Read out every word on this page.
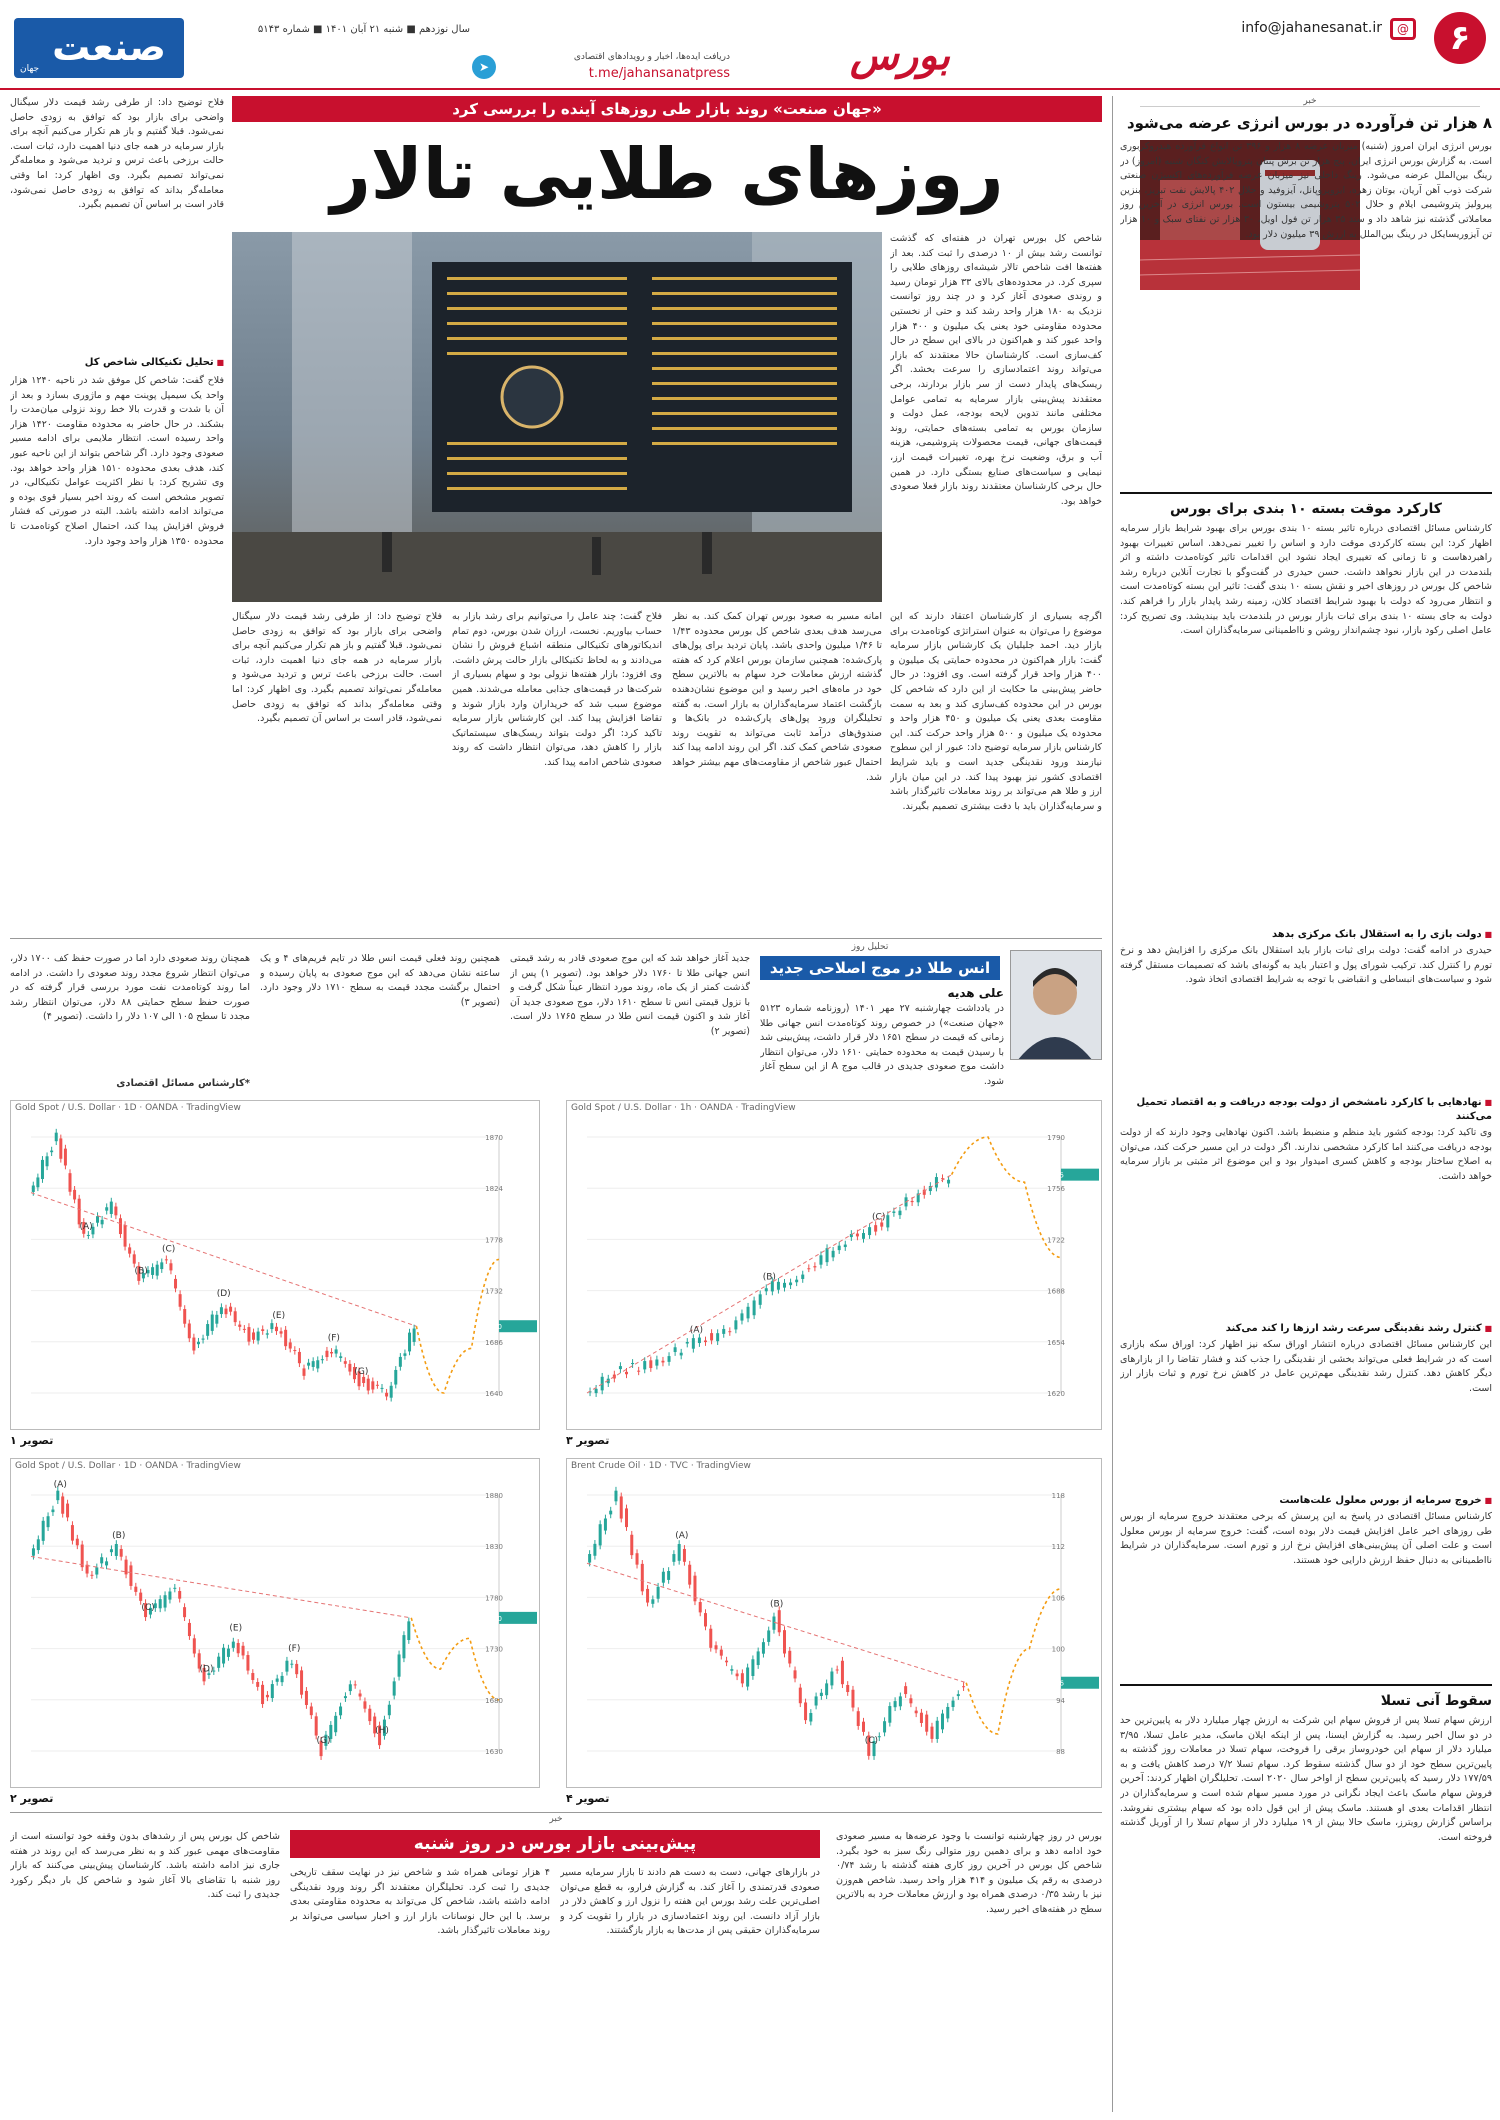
۶
@
info@jahanesanat.ir
بورس
➤
دریافت ایده‌ها، اخبار و رویدادهای اقتصادی
t.me/jahansanatpress
سال نوزدهم ■ شنبه ۲۱ آبان ۱۴۰۱ ■ شماره ۵۱۴۳
صنعت
جهان
«جهان صنعت» روند بازار طی روزهای آینده را بررسی کرد
روزهای طلایی تالار
شاخص کل بورس تهران در هفته‌ای که گذشت توانست رشد بیش از ۱۰ درصدی را ثبت کند. بعد از هفته‌ها افت شاخص تالار شیشه‌ای روزهای طلایی را سپری کرد. در محدوده‌های بالای ۳۳ هزار تومان رسید و روندی صعودی آغاز کرد و در چند روز توانست نزدیک به ۱۸۰ هزار واحد رشد کند و حتی از نخستین محدوده مقاومتی خود یعنی یک میلیون و ۴۰۰ هزار واحد عبور کند و هم‌اکنون در بالای این سطح در حال کف‌سازی است. کارشناسان حالا معتقدند که بازار می‌تواند روند اعتمادسازی را سرعت بخشد. اگر ریسک‌های پایدار دست از سر بازار بردارند، برخی معتقدند پیش‌بینی بازار سرمایه به تمامی عوامل مختلفی مانند تدوین لایحه بودجه، عمل دولت و سازمان بورس به تمامی بسته‌های حمایتی، روند قیمت‌های جهانی، قیمت محصولات پتروشیمی، هزینه آب و برق، وضعیت نرخ بهره، تغییرات قیمت ارز، نیمایی و سیاست‌های صنایع بستگی دارد. در همین حال برخی کارشناسان معتقدند روند بازار فعلا صعودی خواهد بود.
اگرچه بسیاری از کارشناسان اعتقاد دارند که این موضوع را می‌توان به عنوان استراتژی کوتاه‌مدت برای بازار دید. احمد جلیلیان یک کارشناس بازار سرمایه گفت: بازار هم‌اکنون در محدوده حمایتی یک میلیون و ۴۰۰ هزار واحد قرار گرفته است. وی افزود: در حال حاضر پیش‌بینی ما حکایت از این دارد که شاخص کل بورس در این محدوده کف‌سازی کند و بعد به سمت مقاومت بعدی یعنی یک میلیون و ۴۵۰ هزار واحد و محدوده یک میلیون و ۵۰۰ هزار واحد حرکت کند. این کارشناس بازار سرمایه توضیح داد: عبور از این سطوح نیازمند ورود نقدینگی جدید است و باید شرایط اقتصادی کشور نیز بهبود پیدا کند. در این میان بازار ارز و طلا هم می‌تواند بر روند معاملات تاثیرگذار باشد و سرمایه‌گذاران باید با دقت بیشتری تصمیم بگیرند.
امانه مسیر به صعود بورس تهران کمک کند. به نظر می‌رسد هدف بعدی شاخص کل بورس محدوده ۱/۴۳ تا ۱/۴۶ میلیون واحدی باشد. پایان تردید برای پول‌های پارک‌شده: همچنین سازمان بورس اعلام کرد که هفته گذشته ارزش معاملات خرد سهام به بالاترین سطح خود در ماه‌های اخیر رسید و این موضوع نشان‌دهنده بازگشت اعتماد سرمایه‌گذاران به بازار است. به گفته تحلیلگران ورود پول‌های پارک‌شده در بانک‌ها و صندوق‌های درآمد ثابت می‌تواند به تقویت روند صعودی شاخص کمک کند. اگر این روند ادامه پیدا کند احتمال عبور شاخص از مقاومت‌های مهم بیشتر خواهد شد.
فلاح گفت: چند عامل را می‌توانیم برای رشد بازار به حساب بیاوریم. نخست، ارزان شدن بورس، دوم تمام اندیکاتورهای تکنیکالی منطقه اشباع فروش را نشان می‌دادند و به لحاظ تکنیکالی بازار حالت پرش داشت. وی افزود: بازار هفته‌ها نزولی بود و سهام بسیاری از شرکت‌ها در قیمت‌های جذابی معامله می‌شدند. همین موضوع سبب شد که خریداران وارد بازار شوند و تقاضا افزایش پیدا کند. این کارشناس بازار سرمایه تاکید کرد: اگر دولت بتواند ریسک‌های سیستماتیک بازار را کاهش دهد، می‌توان انتظار داشت که روند صعودی شاخص ادامه پیدا کند.
فلاح توضیح داد: از طرفی رشد قیمت دلار سیگنال واضحی برای بازار بود که توافق به زودی حاصل نمی‌شود. قبلا گفتیم و باز هم تکرار می‌کنیم آنچه برای بازار سرمایه در همه جای دنیا اهمیت دارد، ثبات است. حالت برزخی باعث ترس و تردید می‌شود و معامله‌گر نمی‌تواند تصمیم بگیرد. وی اظهار کرد: اما وقتی معامله‌گر بداند که توافق به زودی حاصل نمی‌شود، قادر است بر اساس آن تصمیم بگیرد.
فلاح توضیح داد: از طرفی رشد قیمت دلار سیگنال واضحی برای بازار بود که توافق به زودی حاصل نمی‌شود. قبلا گفتیم و باز هم تکرار می‌کنیم آنچه برای بازار سرمایه در همه جای دنیا اهمیت دارد، ثبات است. حالت برزخی باعث ترس و تردید می‌شود و معامله‌گر نمی‌تواند تصمیم بگیرد. وی اظهار کرد: اما وقتی معامله‌گر بداند که توافق به زودی حاصل نمی‌شود، قادر است بر اساس آن تصمیم بگیرد.
■ تحلیل تکنیکالی شاخص کل
فلاح گفت: شاخص کل موفق شد در ناحیه ۱۲۴۰ هزار واحد یک سیمپل پوینت مهم و ماژوری بسازد و بعد از آن با شدت و قدرت بالا خط روند نزولی میان‌مدت را بشکند. در حال حاضر به محدوده مقاومت ۱۴۲۰ هزار واحد رسیده است. انتظار ملایمی برای ادامه مسیر صعودی وجود دارد. اگر شاخص بتواند از این ناحیه عبور کند، هدف بعدی محدوده ۱۵۱۰ هزار واحد خواهد بود. وی تشریح کرد: با نظر اکثریت عوامل تکنیکالی، در تصویر مشخص است که روند اخیر بسیار قوی بوده و می‌تواند ادامه داشته باشد. البته در صورتی که فشار فروش افزایش پیدا کند، احتمال اصلاح کوتاه‌مدت تا محدوده ۱۳۵۰ هزار واحد وجود دارد.
تحلیل روز
انس طلا در موج اصلاحی جدید
علی هدیه
در یادداشت چهارشنبه ۲۷ مهر ۱۴۰۱ (روزنامه شماره ۵۱۲۳ «جهان صنعت») در خصوص روند کوتاه‌مدت انس جهانی طلا زمانی که قیمت در سطح ۱۶۵۱ دلار قرار داشت، پیش‌بینی شد با رسیدن قیمت به محدوده حمایتی ۱۶۱۰ دلار، می‌توان انتظار داشت موج صعودی جدیدی در قالب موج A از این سطح آغاز شود.
جدید آغاز خواهد شد که این موج صعودی قادر به رشد قیمتی انس جهانی طلا تا ۱۷۶۰ دلار خواهد بود. (تصویر ۱) پس از گذشت کمتر از یک ماه، روند مورد انتظار عیناً شکل گرفت و با نزول قیمتی انس تا سطح ۱۶۱۰ دلار، موج صعودی جدید آن آغاز شد و اکنون قیمت انس طلا در سطح ۱۷۶۵ دلار است. (تصویر ۲)
همچنین روند فعلی قیمت انس طلا در تایم فریم‌های ۴ و یک ساعته نشان می‌دهد که این موج صعودی به پایان رسیده و احتمال برگشت مجدد قیمت به سطح ۱۷۱۰ دلار وجود دارد. (تصویر ۳)
همچنان روند صعودی دارد اما در صورت حفظ کف ۱۷۰۰ دلار، می‌توان انتظار شروع مجدد روند صعودی را داشت. در ادامه اما روند کوتاه‌مدت نفت مورد بررسی قرار گرفته که در صورت حفظ سطح حمایتی ۸۸ دلار، می‌توان انتظار رشد مجدد تا سطح ۱۰۵ الی ۱۰۷ دلار را داشت. (تصویر ۴)
*کارشناس مسائل اقتصادی
Gold Spot / U.S. Dollar · 1D · OANDA · TradingView
(A)
(B)
(C)
(D)
(E)
(F)
(G)
1870
1824
1778
1732
1686
1640
1700
تصویر ۱
Gold Spot / U.S. Dollar · 1h · OANDA · TradingView
(A)
(B)
(C)
1790
1756
1722
1688
1654
1620
1765
تصویر ۳
Gold Spot / U.S. Dollar · 1D · OANDA · TradingView
(A)
(B)
(C)
(D)
(E)
(F)
(G)
(H)
1880
1830
1780
1730
1680
1630
1760
تصویر ۲
Brent Crude Oil · 1D · TVC · TradingView
(A)
(B)
(C)
118
112
106
100
94
88
96
تصویر ۴
خبر
پیش‌بینی بازار بورس در روز شنبه	بورس در روز چهارشنبه توانست با وجود عرضه‌ها به مسیر صعودی خود ادامه دهد و برای دهمین روز متوالی رنگ سبز به خود بگیرد. شاخص کل بورس در آخرین روز کاری هفته گذشته با رشد ۰/۷۴ درصدی به رقم یک میلیون و ۴۱۴ هزار واحد رسید. شاخص هم‌وزن نیز با رشد ۰/۳۵ درصدی همراه بود و ارزش معاملات خرد به بالاترین سطح در هفته‌های اخیر رسید.
در بازارهای جهانی، دست به دست هم دادند تا بازار سرمایه مسیر صعودی قدرتمندی را آغاز کند. به گزارش فرارو، به قطع می‌توان اصلی‌ترین علت رشد بورس این هفته را نزول ارز و کاهش دلار در بازار آزاد دانست. این روند اعتمادسازی در بازار را تقویت کرد و سرمایه‌گذاران حقیقی پس از مدت‌ها به بازار بازگشتند.
۴ هزار تومانی همراه شد و شاخص نیز در نهایت سقف تاریخی جدیدی را ثبت کرد. تحلیلگران معتقدند اگر روند ورود نقدینگی ادامه داشته باشد، شاخص کل می‌تواند به محدوده مقاومتی بعدی برسد. با این حال نوسانات بازار ارز و اخبار سیاسی می‌تواند بر روند معاملات تاثیرگذار باشد.
شاخص کل بورس پس از رشدهای بدون وقفه خود توانسته است از مقاومت‌های مهمی عبور کند و به نظر می‌رسد که این روند در هفته جاری نیز ادامه داشته باشد. کارشناسان پیش‌بینی می‌کنند که بازار روز شنبه با تقاضای بالا آغاز شود و شاخص کل بار دیگر رکورد جدیدی را ثبت کند.
خبر
۸ هزار تن فرآورده در بورس انرژی عرضه می‌شود
بورس انرژی ایران امروز (شنبه) میزبان عرضه ۸ هزار و ۳۹۶ تن انواع فرآورده هیدروکربوری است. به گزارش بورس انرژی ایران، پنج هزار تن برش پنتان پتروپالایش کنگان شنبه (امروز) در رینگ بین‌الملل عرضه می‌شود. رینگ داخلی نیز میزبان عرضه فرآورده‌های اکسیژن صنعتی شرکت ذوب آهن آریان، بوتان زهره، ایزوپروپانل، آیزوفید و حلال ۴۰۲ پالایش نفت تبریز، بنزین پیرولیز پتروشیمی ایلام و حلال ۵۰۲ پتروشیمی بیستون است. بورس انرژی در آخرین روز معاملاتی گذشته نیز شاهد داد و ستد ۳۵ هزار تن فول اویل، ۳۰ هزار تن نفتای سبک و ۱۰ هزار تن آیزوریسایکل در رینگ بین‌الملل به ارزش ۳۹ میلیون دلار بود.
کارکرد موقت بسته ۱۰ بندی برای بورس
کارشناس مسائل اقتصادی درباره تاثیر بسته ۱۰ بندی بورس برای بهبود شرایط بازار سرمایه اظهار کرد: این بسته کارکردی موقت دارد و اساس را تغییر نمی‌دهد. اساس تغییرات بهبود راهبردهاست و تا زمانی که تغییری ایجاد نشود این اقدامات تاثیر کوتاه‌مدت داشته و اثر بلندمدت در این بازار نخواهد داشت. حسن حیدری در گفت‌وگو با تجارت آنلاین درباره رشد شاخص کل بورس در روزهای اخیر و نقش بسته ۱۰ بندی گفت: تاثیر این بسته کوتاه‌مدت است و انتظار می‌رود که دولت با بهبود شرایط اقتصاد کلان، زمینه رشد پایدار بازار را فراهم کند. دولت به جای بسته ۱۰ بندی برای ثبات بازار بورس در بلندمدت باید بیندیشد. وی تصریح کرد: عامل اصلی رکود بازار، نبود چشم‌انداز روشن و نااطمینانی سرمایه‌گذاران است.
■ دولت بازی را به استقلال بانک مرکزی بدهد
حیدری در ادامه گفت: دولت برای ثبات بازار باید استقلال بانک مرکزی را افزایش دهد و نرخ تورم را کنترل کند. ترکیب شورای پول و اعتبار باید به گونه‌ای باشد که تصمیمات مستقل گرفته شود و سیاست‌های انبساطی و انقباضی با توجه به شرایط اقتصادی اتخاذ شود.
■ نهادهایی با کارکرد نامشخص از دولت بودجه دریافت و به اقتصاد تحمیل می‌کنند
وی تاکید کرد: بودجه کشور باید منظم و منضبط باشد. اکنون نهادهایی وجود دارند که از دولت بودجه دریافت می‌کنند اما کارکرد مشخصی ندارند. اگر دولت در این مسیر حرکت کند، می‌توان به اصلاح ساختار بودجه و کاهش کسری امیدوار بود و این موضوع اثر مثبتی بر بازار سرمایه خواهد داشت.
■ کنترل رشد نقدینگی سرعت رشد ارزها را کند می‌کند
این کارشناس مسائل اقتصادی درباره انتشار اوراق سکه نیز اظهار کرد: اوراق سکه بازاری است که در شرایط فعلی می‌تواند بخشی از نقدینگی را جذب کند و فشار تقاضا را از بازارهای دیگر کاهش دهد. کنترل رشد نقدینگی مهم‌ترین عامل در کاهش نرخ تورم و ثبات بازار ارز است.
■ خروج سرمایه از بورس معلول علت‌هاست
کارشناس مسائل اقتصادی در پاسخ به این پرسش که برخی معتقدند خروج سرمایه از بورس طی روزهای اخیر عامل افزایش قیمت دلار بوده است، گفت: خروج سرمایه از بورس معلول است و علت اصلی آن پیش‌بینی‌های افزایش نرخ ارز و تورم است. سرمایه‌گذاران در شرایط نااطمینانی به دنبال حفظ ارزش دارایی خود هستند.
سقوط آنی تسلا
ارزش سهام تسلا پس از فروش سهام این شرکت به ارزش چهار میلیارد دلار به پایین‌ترین حد در دو سال اخیر رسید. به گزارش ایسنا، پس از اینکه ایلان ماسک، مدیر عامل تسلا، ۳/۹۵ میلیارد دلار از سهام این خودروساز برقی را فروخت، سهام تسلا در معاملات روز گذشته به پایین‌ترین سطح خود از دو سال گذشته سقوط کرد. سهام تسلا ۷/۲ درصد کاهش یافت و به ۱۷۷/۵۹ دلار رسید که پایین‌ترین سطح از اواخر سال ۲۰۲۰ است. تحلیلگران اظهار کردند: آخرین فروش سهام ماسک باعث ایجاد نگرانی در مورد مسیر سهام شده است و سرمایه‌گذاران در انتظار اقدامات بعدی او هستند. ماسک پیش از این قول داده بود که سهام بیشتری نفروشد. براساس گزارش رویترز، ماسک حالا بیش از ۱۹ میلیارد دلار از سهام تسلا را از آوریل گذشته فروخته است.
